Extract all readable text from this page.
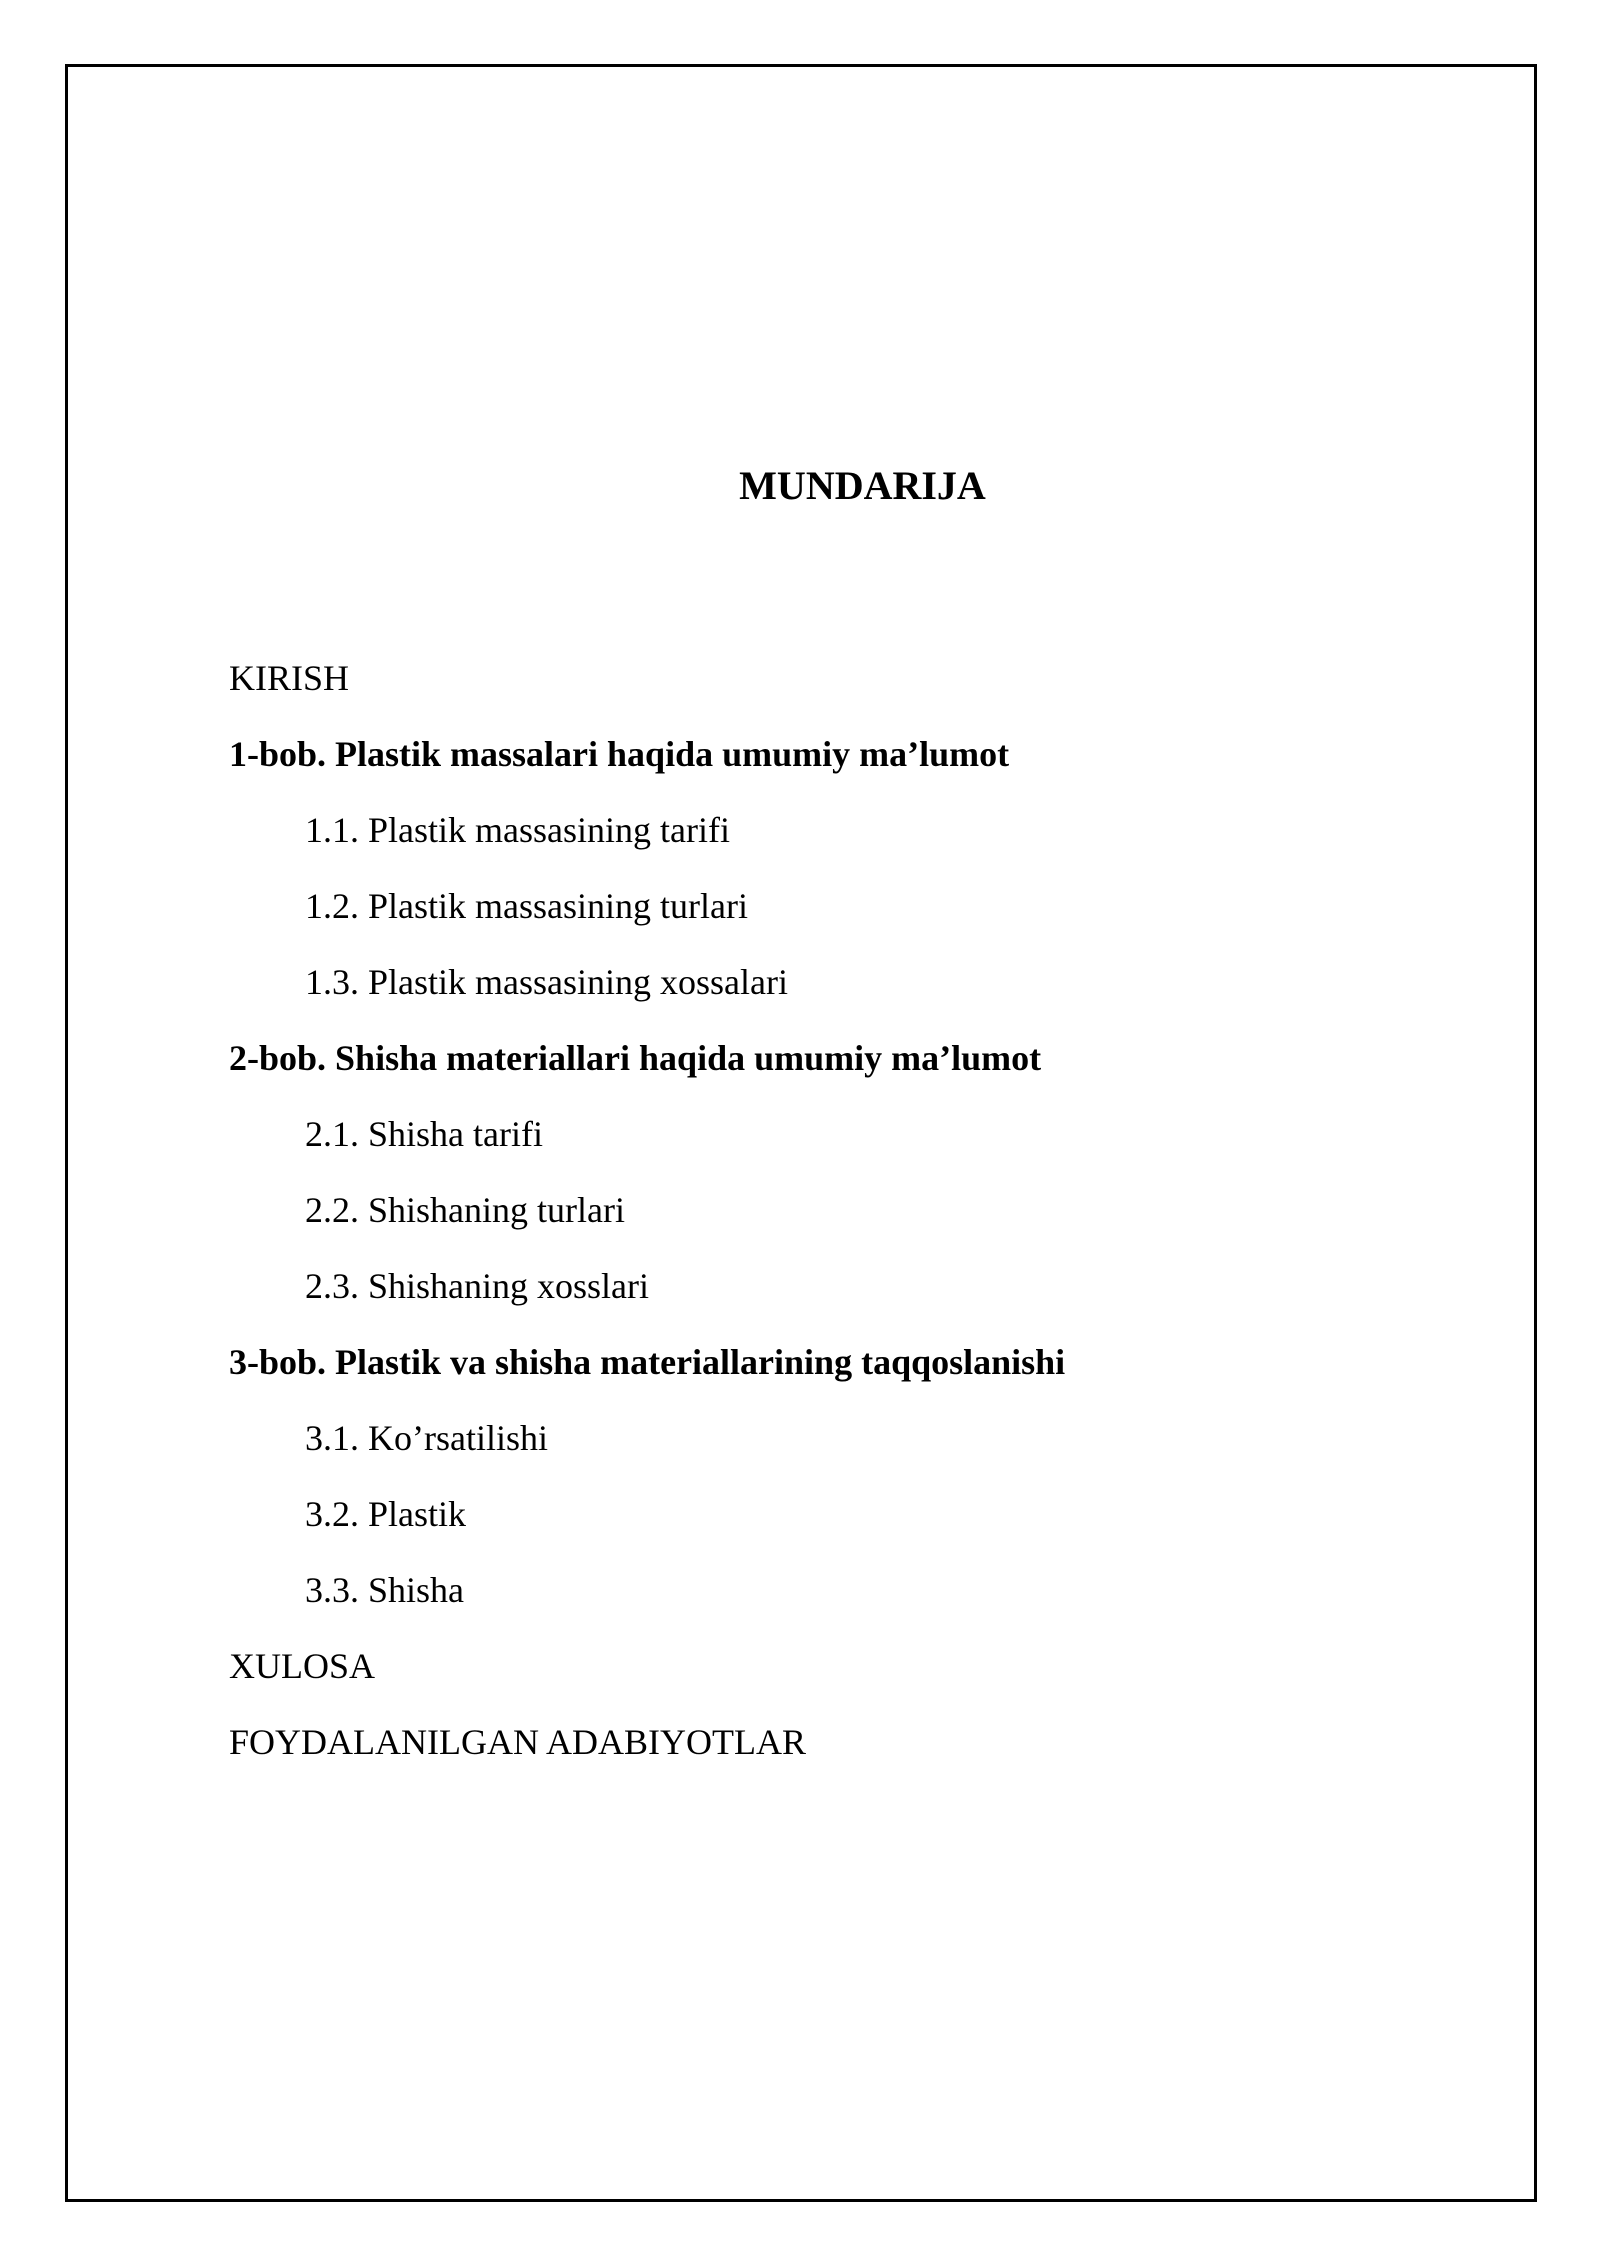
MUNDARIJA
KIRISH
1-bob. Plastik massalari haqida umumiy ma’lumot
1.1. Plastik massasining tarifi
1.2. Plastik massasining turlari
1.3. Plastik massasining xossalari
2-bob. Shisha materiallari haqida umumiy ma’lumot
2.1. Shisha tarifi
2.2. Shishaning turlari
2.3. Shishaning xosslari
3-bob. Plastik va shisha materiallarining taqqoslanishi
3.1. Ko’rsatilishi
3.2. Plastik
3.3. Shisha
XULOSA
FOYDALANILGAN ADABIYOTLAR
